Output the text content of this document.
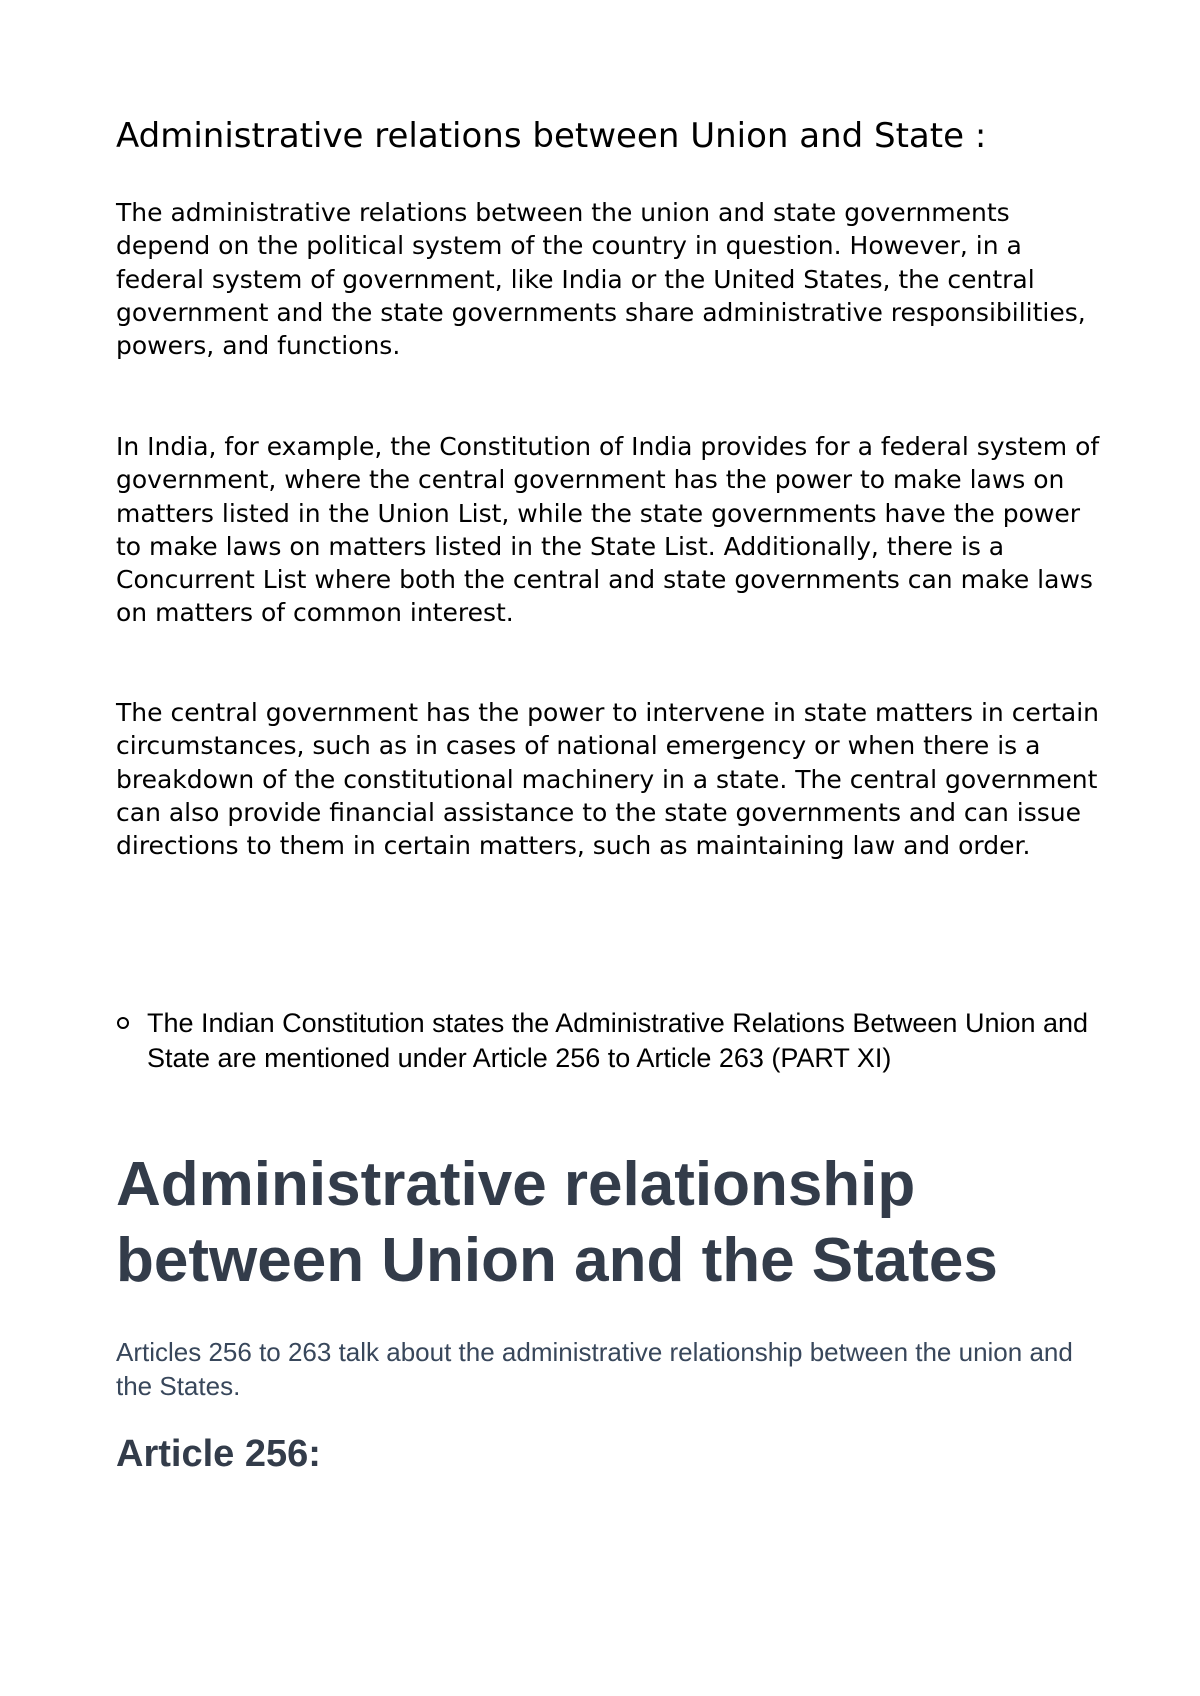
Administrative relations between Union and State :

The administrative relations between the union and state governments depend on the political system of the country in question. However, in a federal system of government, like India or the United States, the central government and the state governments share administrative responsibilities, powers, and functions.

In India, for example, the Constitution of India provides for a federal system of government, where the central government has the power to make laws on matters listed in the Union List, while the state governments have the power to make laws on matters listed in the State List. Additionally, there is a Concurrent List where both the central and state governments can make laws on matters of common interest.

The central government has the power to intervene in state matters in certain circumstances, such as in cases of national emergency or when there is a breakdown of the constitutional machinery in a state. The central government can also provide financial assistance to the state governments and can issue directions to them in certain matters, such as maintaining law and order.

The Indian Constitution states the Administrative Relations Between Union and State are mentioned under Article 256 to Article 263 (PART XI)
Administrative relationship between Union and the States

Articles 256 to 263 talk about the administrative relationship between the union and the States.

Article 256:
